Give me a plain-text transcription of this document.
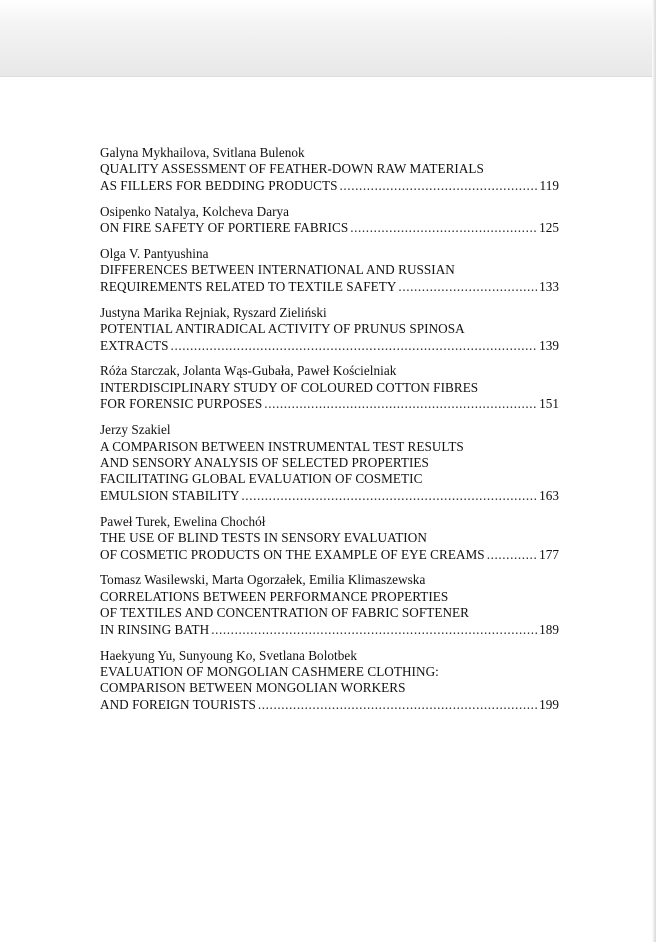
Galyna Mykhailova, Svitlana Bulenok
QUALITY ASSESSMENT OF FEATHER-DOWN RAW MATERIALS
AS FILLERS FOR BEDDING PRODUCTS .....	119
Osipenko Natalya, Kolcheva Darya
ON FIRE SAFETY OF PORTIERE FABRICS .....	125
Olga V. Pantyushina
DIFFERENCES BETWEEN INTERNATIONAL AND RUSSIAN
REQUIREMENTS RELATED TO TEXTILE SAFETY .....	133
Justyna Marika Rejniak, Ryszard Zieliński
POTENTIAL ANTIRADICAL ACTIVITY OF PRUNUS SPINOSA
EXTRACTS .....	139
Róża Starczak, Jolanta Wąs-Gubała, Paweł Kościelniak
INTERDISCIPLINARY STUDY OF COLOURED COTTON FIBRES
FOR FORENSIC PURPOSES .....	151
Jerzy Szakiel
A COMPARISON BETWEEN INSTRUMENTAL TEST RESULTS
AND SENSORY ANALYSIS OF SELECTED PROPERTIES
FACILITATING GLOBAL EVALUATION OF COSMETIC
EMULSION STABILITY .....	163
Paweł Turek, Ewelina Chochół
THE USE OF BLIND TESTS IN SENSORY EVALUATION
OF COSMETIC PRODUCTS ON THE EXAMPLE OF EYE CREAMS .....	177
Tomasz Wasilewski, Marta Ogorzałek, Emilia Klimaszewska
CORRELATIONS BETWEEN PERFORMANCE PROPERTIES
OF TEXTILES AND CONCENTRATION OF FABRIC SOFTENER
IN RINSING BATH .....	189
Haekyung Yu, Sunyoung Ko, Svetlana Bolotbek
EVALUATION OF MONGOLIAN CASHMERE CLOTHING:
COMPARISON BETWEEN MONGOLIAN WORKERS
AND FOREIGN TOURISTS .....	199
